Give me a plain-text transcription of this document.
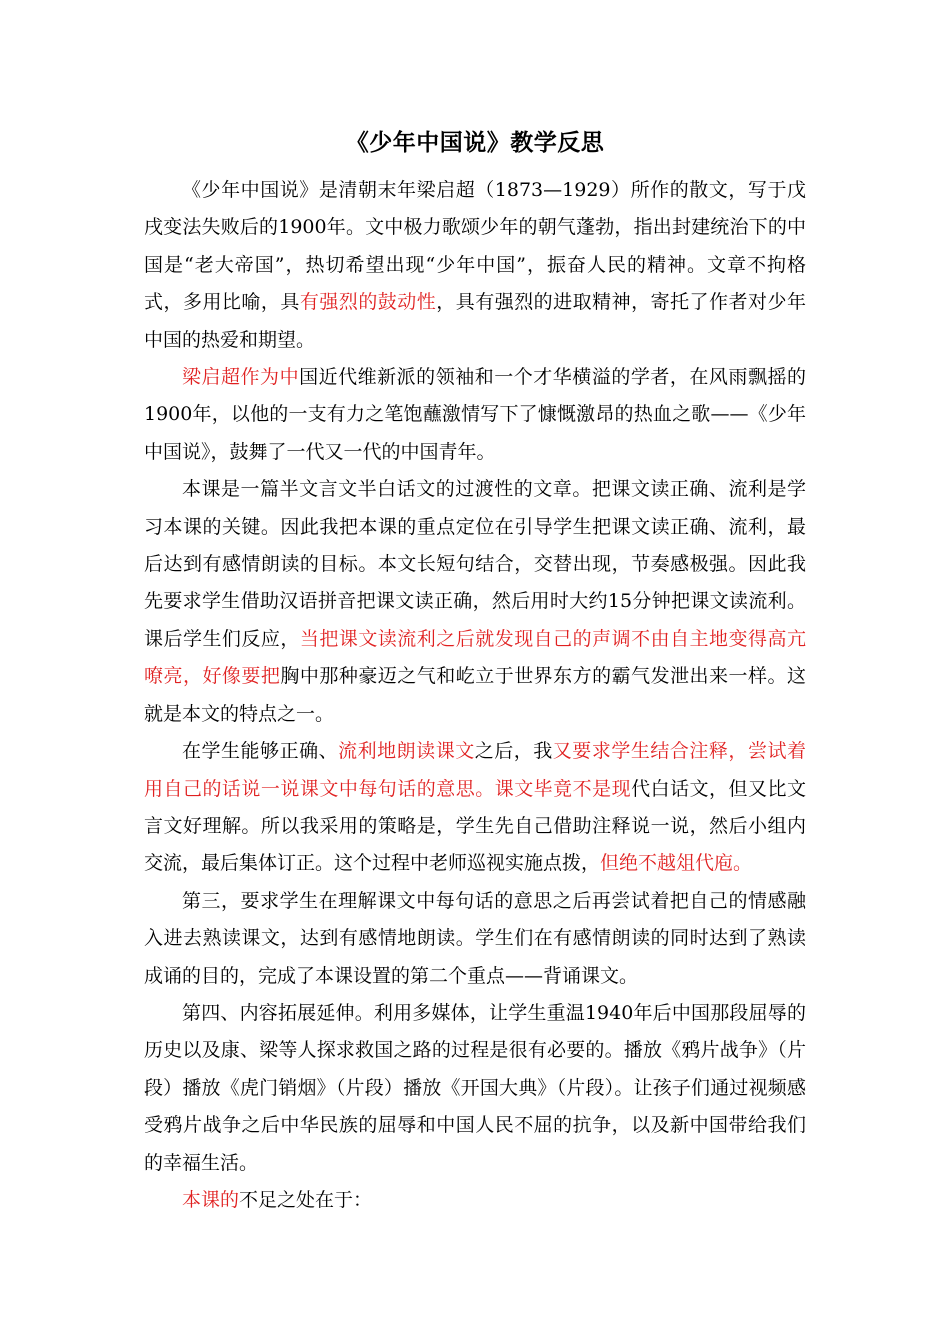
《少年中国说》教学反思

《少年中国说》是清朝末年梁启超（1873—1929）所作的散文，写于戊戌变法失败后的1900年。文中极力歌颂少年的朝气蓬勃，指出封建统治下的中国是“老大帝国”，热切希望出现“少年中国”，振奋人民的精神。文章不拘格式，多用比喻，具有强烈的鼓动性，具有强烈的进取精神，寄托了作者对少年中国的热爱和期望。

梁启超作为中国近代维新派的领袖和一个才华横溢的学者，在风雨飘摇的1900年，以他的一支有力之笔饱蘸激情写下了慷慨激昂的热血之歌——《少年中国说》，鼓舞了一代又一代的中国青年。

本课是一篇半文言文半白话文的过渡性的文章。把课文读正确、流利是学习本课的关键。因此我把本课的重点定位在引导学生把课文读正确、流利，最后达到有感情朗读的目标。本文长短句结合，交替出现，节奏感极强。因此我先要求学生借助汉语拼音把课文读正确，然后用时大约15分钟把课文读流利。课后学生们反应，当把课文读流利之后就发现自己的声调不由自主地变得高亢嘹亮，好像要把胸中那种豪迈之气和屹立于世界东方的霸气发泄出来一样。这就是本文的特点之一。

在学生能够正确、流利地朗读课文之后，我又要求学生结合注释，尝试着用自己的话说一说课文中每句话的意思。课文毕竟不是现代白话文，但又比文言文好理解。所以我采用的策略是，学生先自己借助注释说一说，然后小组内交流，最后集体订正。这个过程中老师巡视实施点拨，但绝不越俎代庖。

第三，要求学生在理解课文中每句话的意思之后再尝试着把自己的情感融入进去熟读课文，达到有感情地朗读。学生们在有感情朗读的同时达到了熟读成诵的目的，完成了本课设置的第二个重点——背诵课文。

第四、内容拓展延伸。利用多媒体，让学生重温1940年后中国那段屈辱的历史以及康、梁等人探求救国之路的过程是很有必要的。播放《鸦片战争》（片段）播放《虎门销烟》（片段）播放《开国大典》（片段）。让孩子们通过视频感受鸦片战争之后中华民族的屈辱和中国人民不屈的抗争，以及新中国带给我们的幸福生活。

本课的不足之处在于：
